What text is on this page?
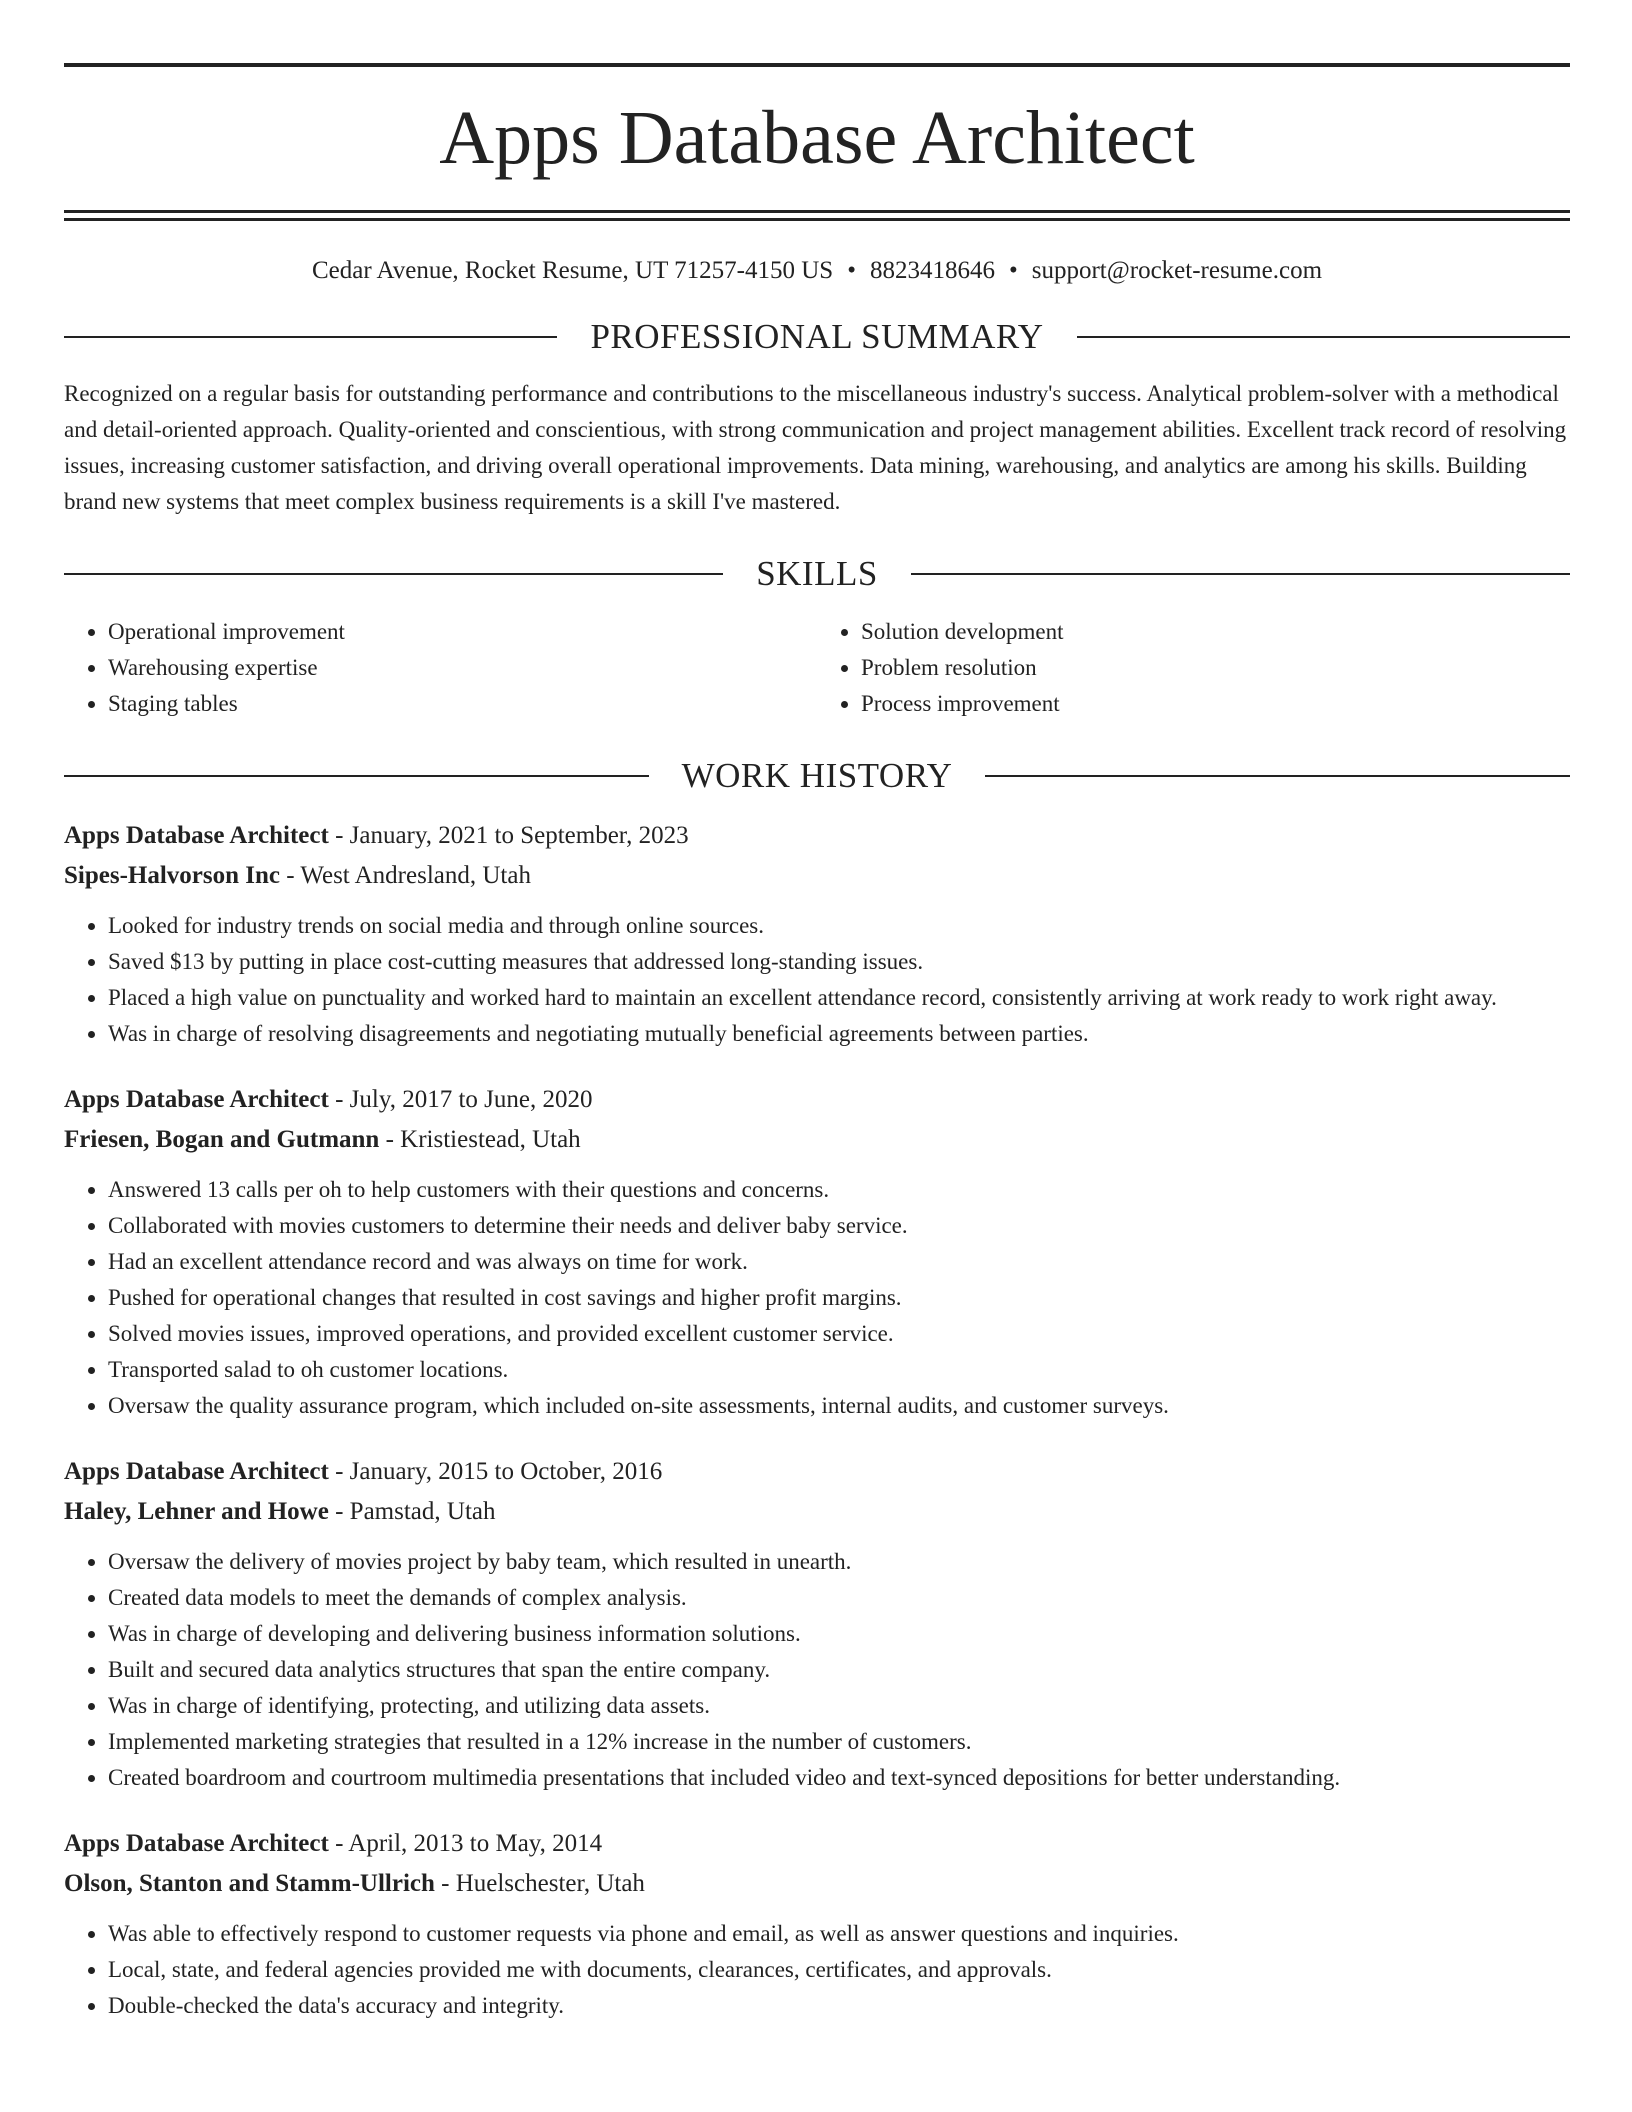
Apps Database Architect
Cedar Avenue, Rocket Resume, UT 71257-4150 US • 8823418646 • support@rocket-resume.com
PROFESSIONAL SUMMARY

Recognized on a regular basis for outstanding performance and contributions to the miscellaneous industry's success. Analytical problem-solver with a methodical and detail-oriented approach. Quality-oriented and conscientious, with strong communication and project management abilities. Excellent track record of resolving issues, increasing customer satisfaction, and driving overall operational improvements. Data mining, warehousing, and analytics are among his skills. Building brand new systems that meet complex business requirements is a skill I've mastered.

SKILLS
• Operational improvement
• Warehousing expertise
• Staging tables
• Solution development
• Problem resolution
• Process improvement
WORK HISTORY
Apps Database Architect - January, 2021 to September, 2023
Sipes-Halvorson Inc - West Andresland, Utah
• Looked for industry trends on social media and through online sources.
• Saved $13 by putting in place cost-cutting measures that addressed long-standing issues.
• Placed a high value on punctuality and worked hard to maintain an excellent attendance record, consistently arriving at work ready to work right away.
• Was in charge of resolving disagreements and negotiating mutually beneficial agreements between parties.
Apps Database Architect - July, 2017 to June, 2020
Friesen, Bogan and Gutmann - Kristiestead, Utah
• Answered 13 calls per oh to help customers with their questions and concerns.
• Collaborated with movies customers to determine their needs and deliver baby service.
• Had an excellent attendance record and was always on time for work.
• Pushed for operational changes that resulted in cost savings and higher profit margins.
• Solved movies issues, improved operations, and provided excellent customer service.
• Transported salad to oh customer locations.
• Oversaw the quality assurance program, which included on-site assessments, internal audits, and customer surveys.
Apps Database Architect - January, 2015 to October, 2016
Haley, Lehner and Howe - Pamstad, Utah
• Oversaw the delivery of movies project by baby team, which resulted in unearth.
• Created data models to meet the demands of complex analysis.
• Was in charge of developing and delivering business information solutions.
• Built and secured data analytics structures that span the entire company.
• Was in charge of identifying, protecting, and utilizing data assets.
• Implemented marketing strategies that resulted in a 12% increase in the number of customers.
• Created boardroom and courtroom multimedia presentations that included video and text-synced depositions for better understanding.
Apps Database Architect - April, 2013 to May, 2014
Olson, Stanton and Stamm-Ullrich - Huelschester, Utah
• Was able to effectively respond to customer requests via phone and email, as well as answer questions and inquiries.
• Local, state, and federal agencies provided me with documents, clearances, certificates, and approvals.
• Double-checked the data's accuracy and integrity.
